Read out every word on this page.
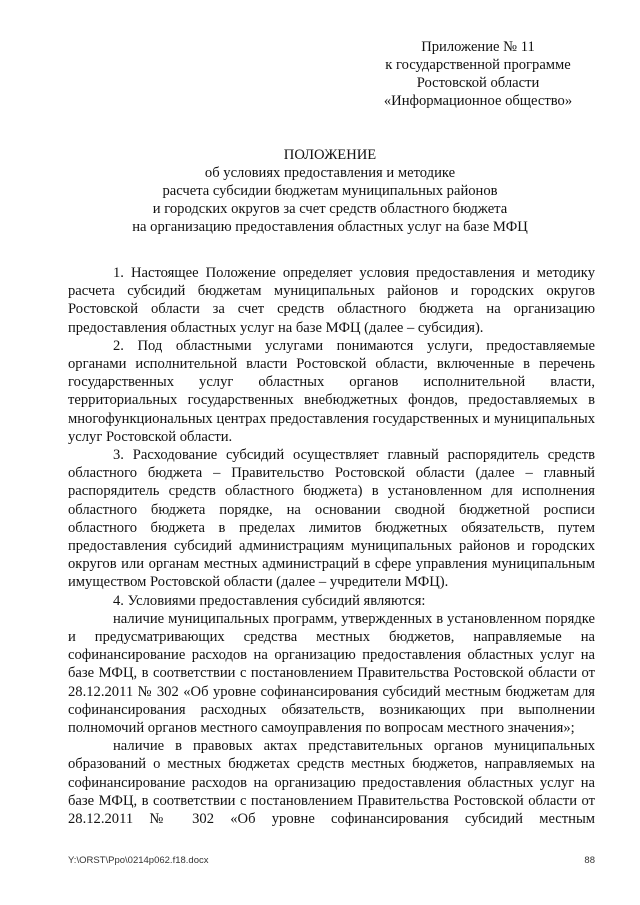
Приложение № 11
к государственной программе
Ростовской области
«Информационное общество»
ПОЛОЖЕНИЕ
об условиях предоставления и методике
расчета субсидии бюджетам муниципальных районов
и городских округов за счет средств областного бюджета
на организацию предоставления областных услуг на базе МФЦ

1. Настоящее Положение определяет условия предоставления и методику расчета субсидий бюджетам муниципальных районов и городских округов Ростовской области за счет средств областного бюджета на организацию предоставления областных услуг на базе МФЦ (далее – субсидия).

2. Под областными услугами понимаются услуги, предоставляемые органами исполнительной власти Ростовской области, включенные в перечень государственных услуг областных органов исполнительной власти, территориальных государственных внебюджетных фондов, предоставляемых в многофункциональных центрах предоставления государственных и муниципальных услуг Ростовской области.

3. Расходование субсидий осуществляет главный распорядитель средств областного бюджета – Правительство Ростовской области (далее – главный распорядитель средств областного бюджета) в установленном для исполнения областного бюджета порядке, на основании сводной бюджетной росписи областного бюджета в пределах лимитов бюджетных обязательств, путем предоставления субсидий администрациям муниципальных районов и городских округов или органам местных администраций в сфере управления муниципальным имуществом Ростовской области (далее – учредители МФЦ).

4. Условиями предоставления субсидий являются:

наличие муниципальных программ, утвержденных в установленном порядке и предусматривающих средства местных бюджетов, направляемые на софинансирование расходов на организацию предоставления областных услуг на базе МФЦ, в соответствии с постановлением Правительства Ростовской области от 28.12.2011 № 302 «Об уровне софинансирования субсидий местным бюджетам для софинансирования расходных обязательств, возникающих при выполнении полномочий органов местного самоуправления по вопросам местного значения»;

наличие в правовых актах представительных органов муниципальных образований о местных бюджетах средств местных бюджетов, направляемых на софинансирование расходов на организацию предоставления областных услуг на базе МФЦ, в соответствии с постановлением Правительства Ростовской области от 28.12.2011 № 302 «Об уровне софинансирования субсидий местным

Y:\ORST\Ppo\0214p062.f18.docx	88
